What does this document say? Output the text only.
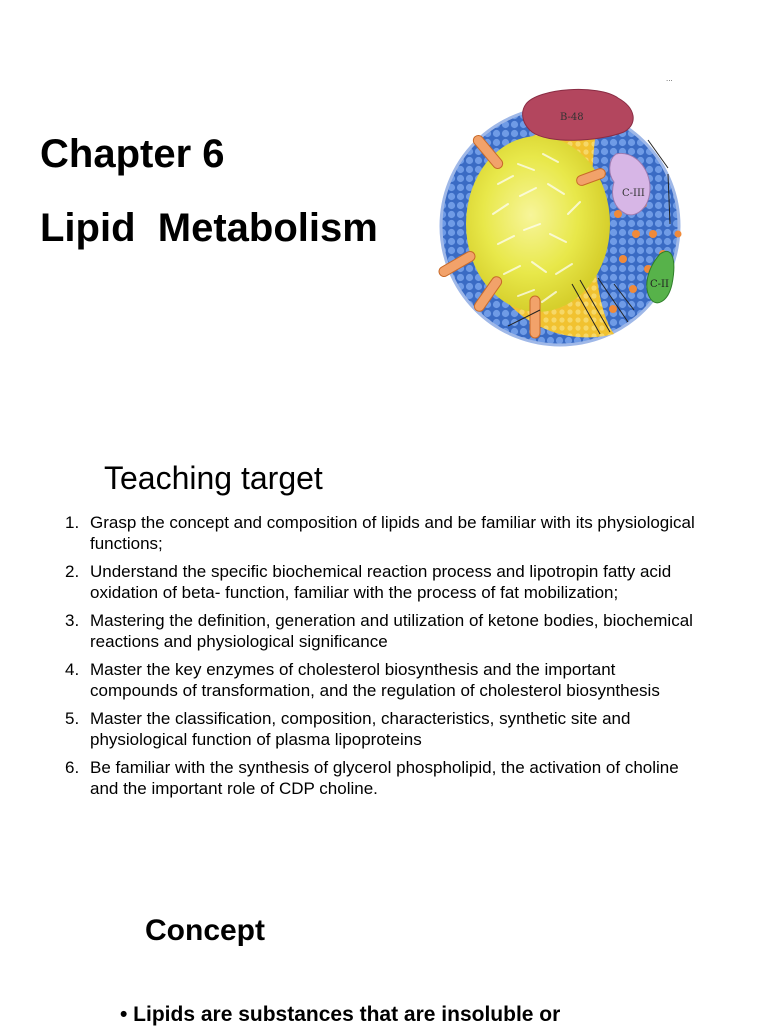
Chapter 6
Lipid  Metabolism
...
B-48
C-III
C-II
Teaching target
1. Grasp the concept and composition of lipids and be familiar with its physiological functions;
2. Understand the specific biochemical reaction process and lipotropin fatty acid oxidation of beta- function, familiar with the process of fat mobilization;
3. Mastering the definition, generation and utilization of ketone bodies, biochemical reactions and physiological significance
4. Master the key enzymes of cholesterol biosynthesis and the important compounds of transformation, and the regulation of cholesterol biosynthesis
5. Master the classification, composition, characteristics, synthetic site and physiological function of plasma lipoproteins
6. Be familiar with the synthesis of glycerol phospholipid, the activation of choline and the important role of CDP choline.
Concept
• Lipids are substances that are insoluble or
